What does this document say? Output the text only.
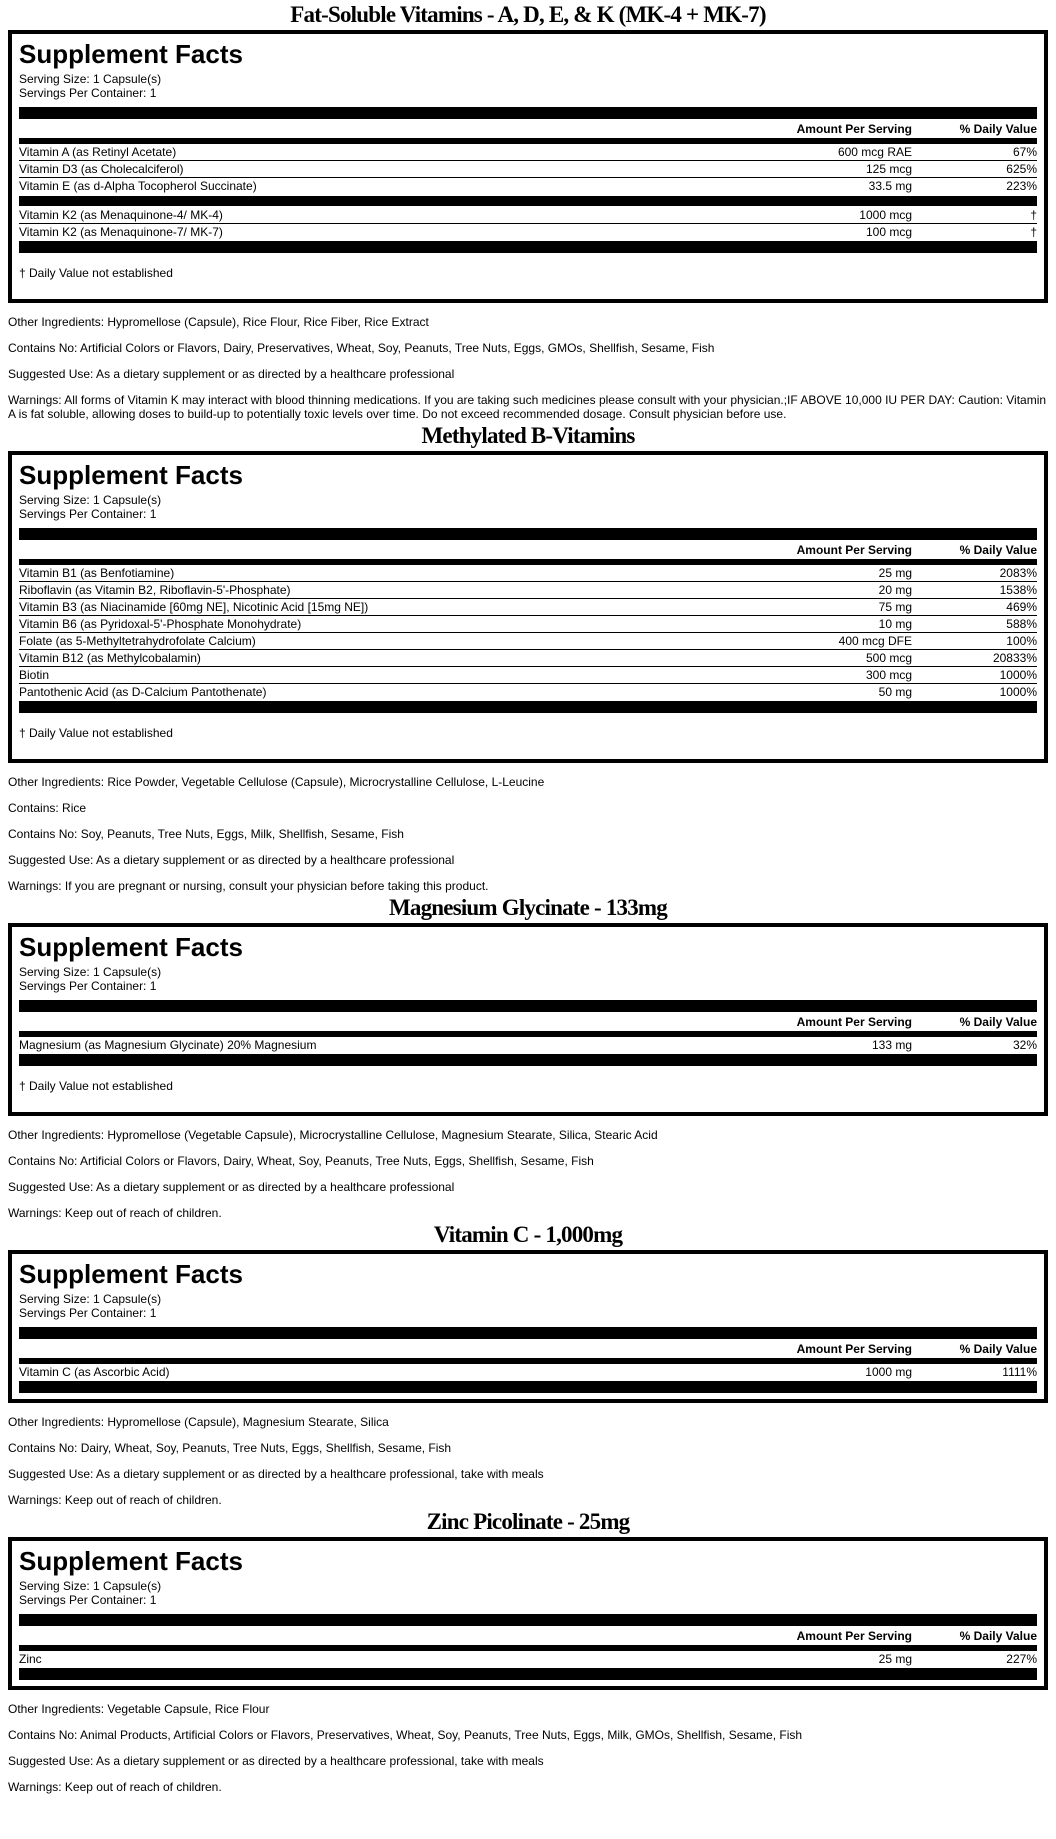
Fat-Soluble Vitamins - A, D, E, & K (MK-4 + MK-7)
Supplement Facts
Serving Size: 1 Capsule(s)
Servings Per Container: 1
Amount Per Serving	% Daily Value
Vitamin A (as Retinyl Acetate)	600 mcg RAE	67%
Vitamin D3 (as Cholecalciferol)	125 mcg	625%
Vitamin E (as d-Alpha Tocopherol Succinate)	33.5 mg	223%
Vitamin K2 (as Menaquinone-4/ MK-4)	1000 mcg	†
Vitamin K2 (as Menaquinone-7/ MK-7)	100 mcg	†
† Daily Value not established
Other Ingredients: Hypromellose (Capsule), Rice Flour, Rice Fiber, Rice Extract
Contains No: Artificial Colors or Flavors, Dairy, Preservatives, Wheat, Soy, Peanuts, Tree Nuts, Eggs, GMOs, Shellfish, Sesame, Fish
Suggested Use: As a dietary supplement or as directed by a healthcare professional
Warnings: All forms of Vitamin K may interact with blood thinning medications. If you are taking such medicines please consult with your physician.;IF ABOVE 10,000 IU PER DAY: Caution: Vitamin A is fat soluble, allowing doses to build-up to potentially toxic levels over time. Do not exceed recommended dosage. Consult physician before use.
Methylated B-Vitamins
Supplement Facts
Serving Size: 1 Capsule(s)
Servings Per Container: 1
Amount Per Serving	% Daily Value
Vitamin B1 (as Benfotiamine)	25 mg	2083%
Riboflavin (as Vitamin B2, Riboflavin-5'-Phosphate)	20 mg	1538%
Vitamin B3 (as Niacinamide [60mg NE], Nicotinic Acid [15mg NE])	75 mg	469%
Vitamin B6 (as Pyridoxal-5'-Phosphate Monohydrate)	10 mg	588%
Folate (as 5-Methyltetrahydrofolate Calcium)	400 mcg DFE	100%
Vitamin B12 (as Methylcobalamin)	500 mcg	20833%
Biotin	300 mcg	1000%
Pantothenic Acid (as D-Calcium Pantothenate)	50 mg	1000%
† Daily Value not established
Other Ingredients: Rice Powder, Vegetable Cellulose (Capsule), Microcrystalline Cellulose, L-Leucine
Contains: Rice
Contains No: Soy, Peanuts, Tree Nuts, Eggs, Milk, Shellfish, Sesame, Fish
Suggested Use: As a dietary supplement or as directed by a healthcare professional
Warnings: If you are pregnant or nursing, consult your physician before taking this product.
Magnesium Glycinate - 133mg
Supplement Facts
Serving Size: 1 Capsule(s)
Servings Per Container: 1
Amount Per Serving	% Daily Value
Magnesium (as Magnesium Glycinate) 20% Magnesium	133 mg	32%
† Daily Value not established
Other Ingredients: Hypromellose (Vegetable Capsule), Microcrystalline Cellulose, Magnesium Stearate, Silica, Stearic Acid
Contains No: Artificial Colors or Flavors, Dairy, Wheat, Soy, Peanuts, Tree Nuts, Eggs, Shellfish, Sesame, Fish
Suggested Use: As a dietary supplement or as directed by a healthcare professional
Warnings: Keep out of reach of children.
Vitamin C - 1,000mg
Supplement Facts
Serving Size: 1 Capsule(s)
Servings Per Container: 1
Amount Per Serving	% Daily Value
Vitamin C (as Ascorbic Acid)	1000 mg	1111%
Other Ingredients: Hypromellose (Capsule), Magnesium Stearate, Silica
Contains No: Dairy, Wheat, Soy, Peanuts, Tree Nuts, Eggs, Shellfish, Sesame, Fish
Suggested Use: As a dietary supplement or as directed by a healthcare professional, take with meals
Warnings: Keep out of reach of children.
Zinc Picolinate - 25mg
Supplement Facts
Serving Size: 1 Capsule(s)
Servings Per Container: 1
Amount Per Serving	% Daily Value
Zinc	25 mg	227%
Other Ingredients: Vegetable Capsule, Rice Flour
Contains No: Animal Products, Artificial Colors or Flavors, Preservatives, Wheat, Soy, Peanuts, Tree Nuts, Eggs, Milk, GMOs, Shellfish, Sesame, Fish
Suggested Use: As a dietary supplement or as directed by a healthcare professional, take with meals
Warnings: Keep out of reach of children.
